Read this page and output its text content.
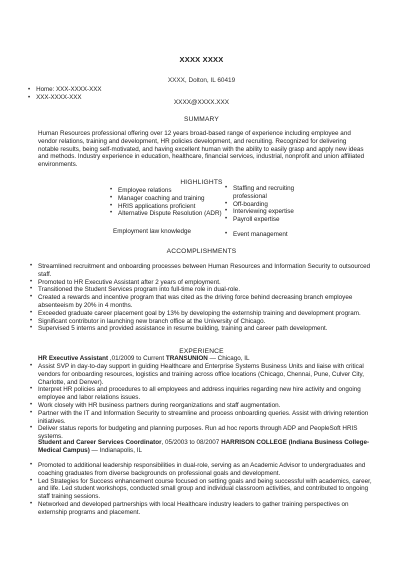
XXXX XXXX
XXXX, Dolton, IL 60419
• Home: XXX-XXXX-XXX
• XXX-XXXX-XXX
XXXX@XXXX.XXX
SUMMARY

Human Resources professional offering over 12 years broad-based range of experience including employee and vendor relations, training and development, HR policies development, and recruiting. Recognized for delivering notable results, being self-motivated, and having excellent human with the ability to easily grasp and apply new ideas and methods. Industry experience in education, healthcare, financial services, industrial, nonprofit and union affiliated environments.

HIGHLIGHTS
• Employee relations
• Manager coaching and training
• HRIS applications proficient
• Alternative Dispute Resolution (ADR)
Employment law knowledge
• Staffing and recruiting professional
• Off-boarding
• Interviewing expertise
• Payroll expertise
• Event management
ACCOMPLISHMENTS
• Streamlined recruitment and onboarding processes between Human Resources and Information Security to outsourced staff.
• Promoted to HR Executive Assistant after 2 years of employment.
• Transitioned the Student Services program into full-time role in dual-role.
• Created a rewards and incentive program that was cited as the driving force behind decreasing branch employee absenteeism by 20% in 4 months.
• Exceeded graduate career placement goal by 13% by developing the externship training and development program.
• Significant contributor in launching new branch office at the University of Chicago.
• Supervised 5 interns and provided assistance in resume building, training and career path development.
EXPERIENCE
HR Executive Assistant ,01/2009 to Current TRANSUNION — Chicago, IL
• Assist SVP in day-to-day support in guiding Healthcare and Enterprise Systems Business Units and liaise with critical vendors for onboarding resources, logistics and training across office locations (Chicago, Chennai, Pune, Culver City, Charlotte, and Denver).
• Interpret HR policies and procedures to all employees and address inquiries regarding new hire activity and ongoing employee and labor relations issues.
• Work closely with HR business partners during reorganizations and staff augmentation.
• Partner with the IT and Information Security to streamline and process onboarding queries. Assist with driving retention initiatives.
• Deliver status reports for budgeting and planning purposes. Run ad hoc reports through ADP and PeopleSoft HRIS systems.
Student and Career Services Coordinator, 05/2003 to 08/2007 HARRISON COLLEGE (Indiana Business College-Medical Campus) — Indianapolis, IL
• Promoted to additional leadership responsibilities in dual-role, serving as an Academic Advisor to undergraduates and coaching graduates from diverse backgrounds on professional goals and development.
• Led Strategies for Success enhancement course focused on setting goals and being successful with academics, career, and life. Led student workshops, conducted small group and individual classroom activities, and contributed to ongoing staff training sessions.
• Networked and developed partnerships with local Healthcare industry leaders to gather training perspectives on externship programs and placement.
